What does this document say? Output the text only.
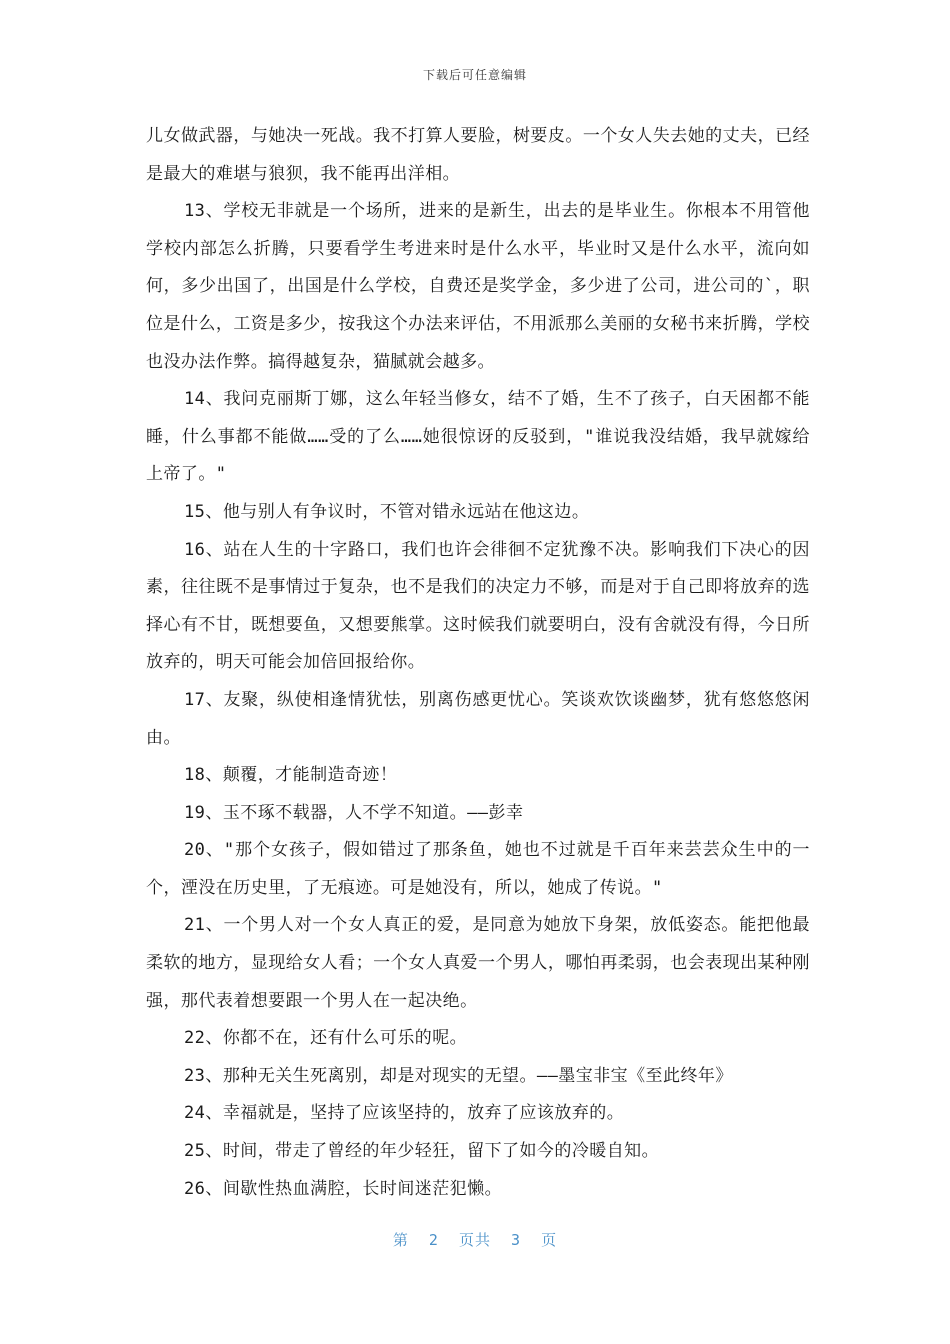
下载后可任意编辑

儿女做武器，与她决一死战。我不打算人要脸，树要皮。一个女人失去她的丈夫，已经是最大的难堪与狼狈，我不能再出洋相。

13、学校无非就是一个场所，进来的是新生，出去的是毕业生。你根本不用管他学校内部怎么折腾，只要看学生考进来时是什么水平，毕业时又是什么水平，流向如何，多少出国了，出国是什么学校，自费还是奖学金，多少进了公司，进公司的`，职位是什么，工资是多少，按我这个办法来评估，不用派那么美丽的女秘书来折腾，学校也没办法作弊。搞得越复杂，猫腻就会越多。

14、我问克丽斯丁娜，这么年轻当修女，结不了婚，生不了孩子，白天困都不能睡，什么事都不能做……受的了么……她很惊讶的反驳到，"谁说我没结婚，我早就嫁给上帝了。"

15、他与别人有争议时，不管对错永远站在他这边。

16、站在人生的十字路口，我们也许会徘徊不定犹豫不决。影响我们下决心的因素，往往既不是事情过于复杂，也不是我们的决定力不够，而是对于自己即将放弃的选择心有不甘，既想要鱼，又想要熊掌。这时候我们就要明白，没有舍就没有得，今日所放弃的，明天可能会加倍回报给你。

17、友聚，纵使相逢情犹怯，别离伤感更忧心。笑谈欢饮谈幽梦，犹有悠悠悠闲由。

18、颠覆，才能制造奇迹！

19、玉不琢不载器，人不学不知道。——彭幸

20、"那个女孩子，假如错过了那条鱼，她也不过就是千百年来芸芸众生中的一个，湮没在历史里，了无痕迹。可是她没有，所以，她成了传说。"

21、一个男人对一个女人真正的爱，是同意为她放下身架，放低姿态。能把他最柔软的地方，显现给女人看；一个女人真爱一个男人，哪怕再柔弱，也会表现出某种刚强，那代表着想要跟一个男人在一起决绝。

22、你都不在，还有什么可乐的呢。

23、那种无关生死离别，却是对现实的无望。——墨宝非宝《至此终年》

24、幸福就是，坚持了应该坚持的，放弃了应该放弃的。

25、时间，带走了曾经的年少轻狂，留下了如今的冷暖自知。

26、间歇性热血满腔，长时间迷茫犯懒。

第  2  页共  3  页
